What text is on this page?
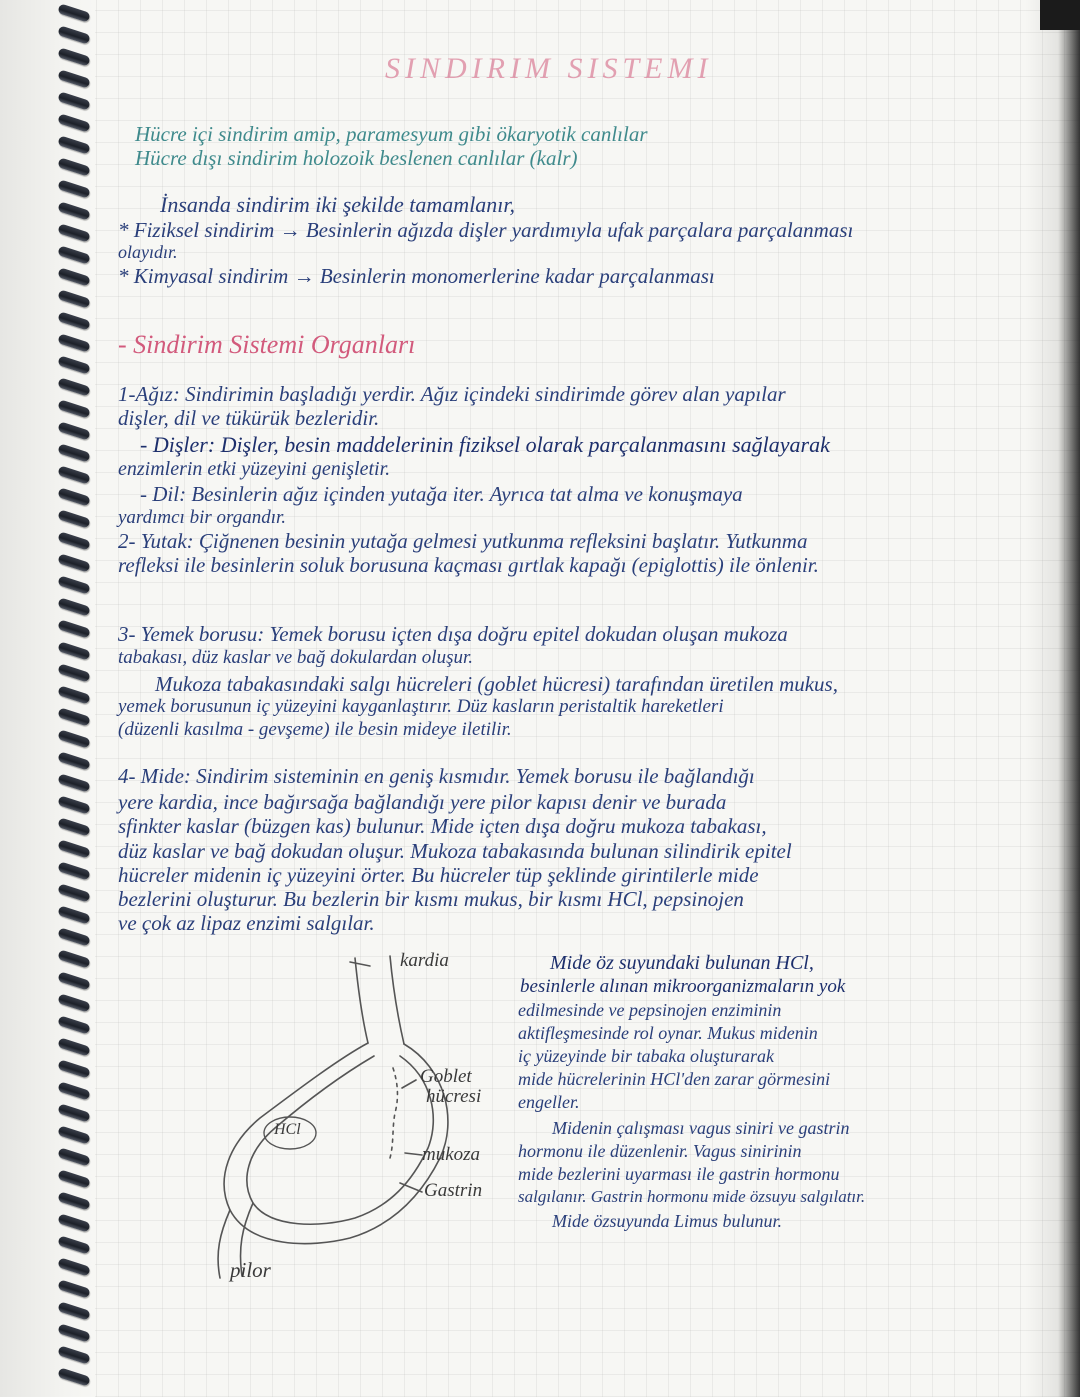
SINDIRIM SISTEMI
Hücre içi sindirim amip, paramesyum gibi ökaryotik canlılar
Hücre dışı sindirim holozoik beslenen canlılar (kalr)
İnsanda sindirim iki şekilde tamamlanır,
* Fiziksel sindirim → Besinlerin ağızda dişler yardımıyla ufak parçalara parçalanması
olayıdır.
* Kimyasal sindirim → Besinlerin monomerlerine kadar parçalanması
- Sindirim Sistemi Organları
1-Ağız: Sindirimin başladığı yerdir. Ağız içindeki sindirimde görev alan yapılar
dişler, dil ve tükürük bezleridir.
- Dişler: Dişler, besin maddelerinin fiziksel olarak parçalanmasını sağlayarak
enzimlerin etki yüzeyini genişletir.
- Dil: Besinlerin ağız içinden yutağa iter. Ayrıca tat alma ve konuşmaya
yardımcı bir organdır.
2- Yutak: Çiğnenen besinin yutağa gelmesi yutkunma refleksini başlatır. Yutkunma
refleksi ile besinlerin soluk borusuna kaçması gırtlak kapağı (epiglottis) ile önlenir.
3- Yemek borusu: Yemek borusu içten dışa doğru epitel dokudan oluşan mukoza
tabakası, düz kaslar ve bağ dokulardan oluşur.
Mukoza tabakasındaki salgı hücreleri (goblet hücresi) tarafından üretilen mukus,
yemek borusunun iç yüzeyini kayganlaştırır. Düz kasların peristaltik hareketleri
(düzenli kasılma - gevşeme) ile besin mideye iletilir.
4- Mide: Sindirim sisteminin en geniş kısmıdır. Yemek borusu ile bağlandığı
yere kardia, ince bağırsağa bağlandığı yere pilor kapısı denir ve burada
sfinkter kaslar (büzgen kas) bulunur. Mide içten dışa doğru mukoza tabakası,
düz kaslar ve bağ dokudan oluşur. Mukoza tabakasında bulunan silindirik epitel
hücreler midenin iç yüzeyini örter. Bu hücreler tüp şeklinde girintilerle mide
bezlerini oluşturur. Bu bezlerin bir kısmı mukus, bir kısmı HCl, pepsinojen
ve çok az lipaz enzimi salgılar.
kardia
Goblet
hücresi
HCl
mukoza
Gastrin
pilor
Mide öz suyundaki bulunan HCl,
besinlerle alınan mikroorganizmaların yok
edilmesinde ve pepsinojen enziminin
aktifleşmesinde rol oynar. Mukus midenin
iç yüzeyinde bir tabaka oluşturarak
mide hücrelerinin HCl'den zarar görmesini
engeller.
Midenin çalışması vagus siniri ve gastrin
hormonu ile düzenlenir. Vagus sinirinin
mide bezlerini uyarması ile gastrin hormonu
salgılanır. Gastrin hormonu mide özsuyu salgılatır.
Mide özsuyunda Limus bulunur.
